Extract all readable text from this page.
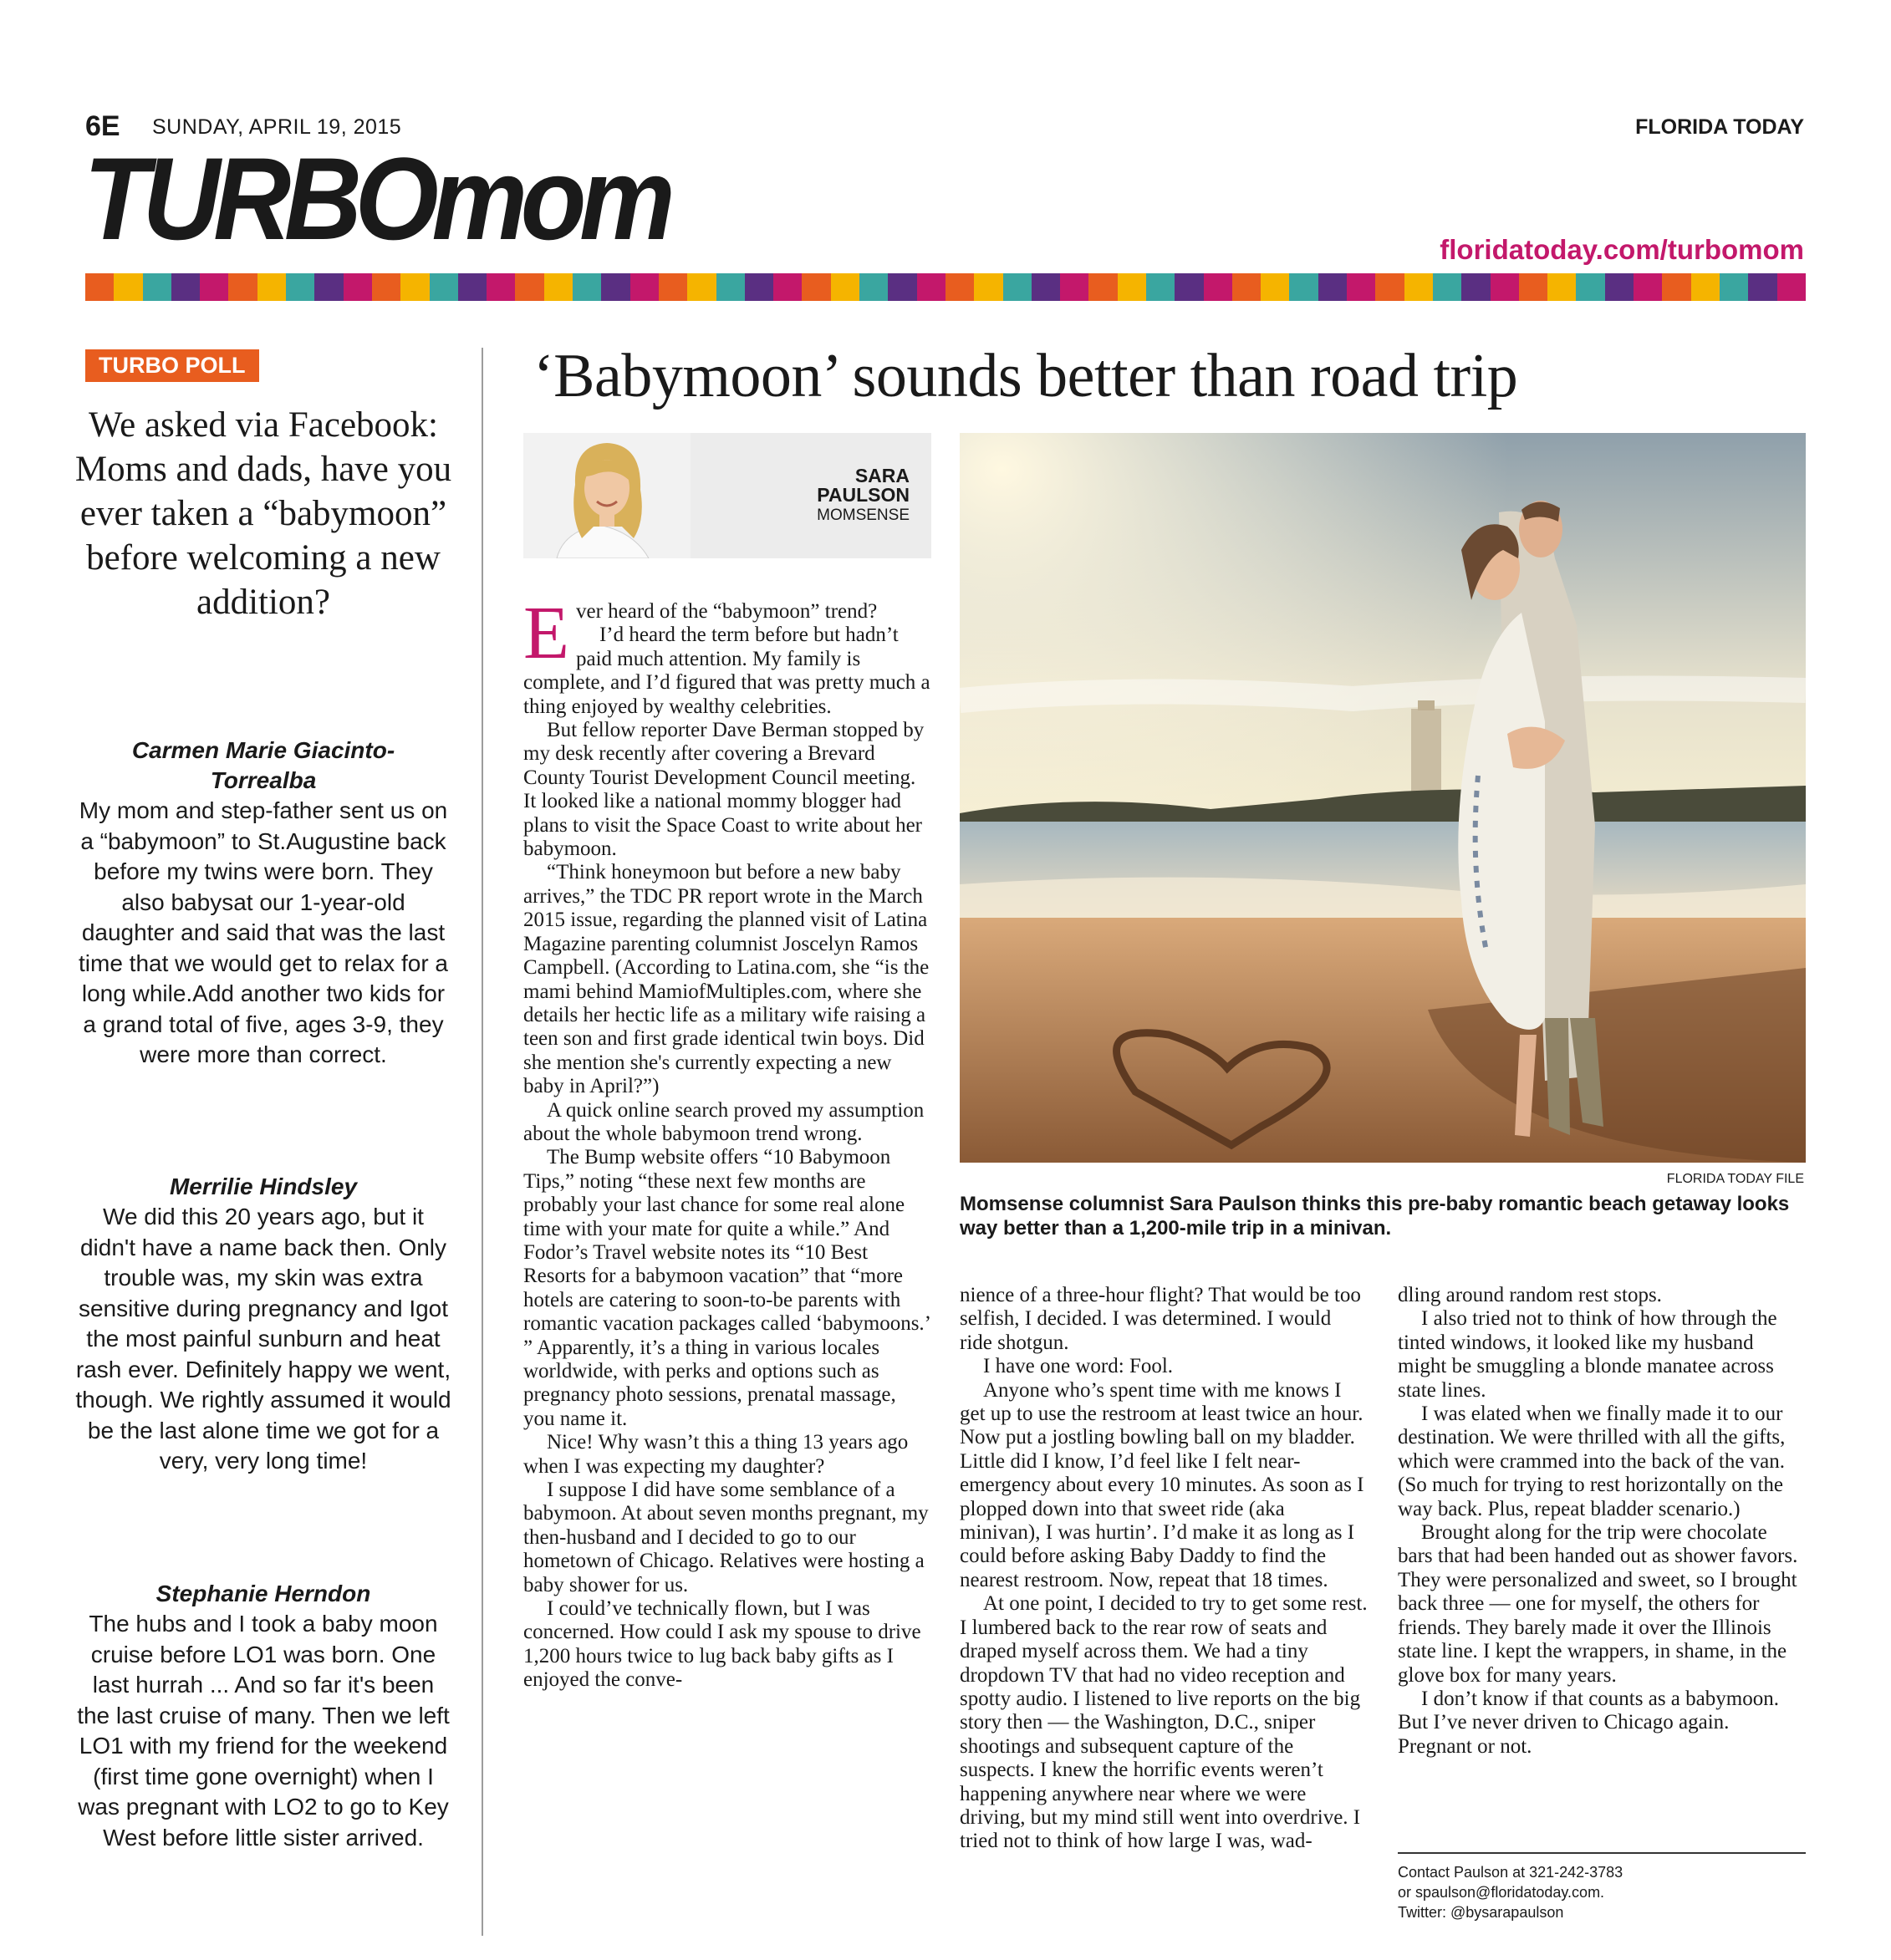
6E SUNDAY, APRIL 19, 2015	FLORIDA TODAY
TURBOmom	floridatoday.com/turbomom
TURBO POLL
We asked via Facebook: Moms and dads, have you ever taken a “babymoon” before welcoming a new addition?
Carmen Marie Giacinto-Torrealba
My mom and step-father sent us on a “babymoon” to St.Augustine back before my twins were born. They also babysat our 1-year-old daughter and said that was the last time that we would get to relax for a long while.Add another two kids for a grand total of five, ages 3-9, they were more than correct.
Merrilie Hindsley
We did this 20 years ago, but it didn't have a name back then. Only trouble was, my skin was extra sensitive during pregnancy and Igot the most painful sunburn and heat rash ever. Definitely happy we went, though. We rightly assumed it would be the last alone time we got for a very, very long time!
Stephanie Herndon
The hubs and I took a baby moon cruise before LO1 was born. One last hurrah ... And so far it's been the last cruise of many. Then we left LO1 with my friend for the weekend (first time gone overnight) when I was pregnant with LO2 to go to Key West before little sister arrived.
‘Babymoon’ sounds better than road trip
SARA
PAULSON
MOMSENSE
FLORIDA TODAY FILE
Momsense columnist Sara Paulson thinks this pre-baby romantic beach getaway looks way better than a 1,200-mile trip in a minivan.
E ver heard of the “babymoon” trend?

I’d heard the term before but hadn’t paid much attention. My family is complete, and I’d figured that was pretty much a thing enjoyed by wealthy celebrities.

But fellow reporter Dave Berman stopped by my desk recently after covering a Brevard County Tourist Development Council meeting. It looked like a national mommy blogger had plans to visit the Space Coast to write about her babymoon.

“Think honeymoon but before a new baby arrives,” the TDC PR report wrote in the March 2015 issue, regarding the planned visit of Latina Magazine parenting columnist Joscelyn Ramos Campbell. (According to Latina.com, she “is the mami behind MamiofMultiples.com, where she details her hectic life as a military wife raising a teen son and first grade identical twin boys. Did she mention she's currently expecting a new baby in April?”)

A quick online search proved my assumption about the whole babymoon trend wrong.

The Bump website offers “10 Babymoon Tips,” noting “these next few months are probably your last chance for some real alone time with your mate for quite a while.” And Fodor’s Travel website notes its “10 Best Resorts for a babymoon vacation” that “more hotels are catering to soon-to-be parents with romantic vacation packages called ‘babymoons.’ ” Apparently, it’s a thing in various locales worldwide, with perks and options such as pregnancy photo sessions, prenatal massage, you name it.

Nice! Why wasn’t this a thing 13 years ago when I was expecting my daughter?

I suppose I did have some semblance of a babymoon. At about seven months pregnant, my then-husband and I decided to go to our hometown of Chicago. Relatives were hosting a baby shower for us.

I could’ve technically flown, but I was concerned. How could I ask my spouse to drive 1,200 hours twice to lug back baby gifts as I enjoyed the conve-

nience of a three-hour flight? That would be too selfish, I decided. I was determined. I would ride shotgun.

I have one word: Fool.

Anyone who’s spent time with me knows I get up to use the restroom at least twice an hour. Now put a jostling bowling ball on my bladder. Little did I know, I’d feel like I felt near-emergency about every 10 minutes. As soon as I plopped down into that sweet ride (aka minivan), I was hurtin’. I’d make it as long as I could before asking Baby Daddy to find the nearest restroom. Now, repeat that 18 times.

At one point, I decided to try to get some rest. I lumbered back to the rear row of seats and draped myself across them. We had a tiny dropdown TV that had no video reception and spotty audio. I listened to live reports on the big story then — the Washington, D.C., sniper shootings and subsequent capture of the suspects. I knew the horrific events weren’t happening anywhere near where we were driving, but my mind still went into overdrive. I tried not to think of how large I was, wad-

dling around random rest stops.

I also tried not to think of how through the tinted windows, it looked like my husband might be smuggling a blonde manatee across state lines.

I was elated when we finally made it to our destination. We were thrilled with all the gifts, which were crammed into the back of the van. (So much for trying to rest horizontally on the way back. Plus, repeat bladder scenario.)

Brought along for the trip were chocolate bars that had been handed out as shower favors. They were personalized and sweet, so I brought back three — one for myself, the others for friends. They barely made it over the Illinois state line. I kept the wrappers, in shame, in the glove box for many years.

I don’t know if that counts as a babymoon. But I’ve never driven to Chicago again. Pregnant or not.

Contact Paulson at 321-242-3783
or spaulson@floridatoday.com.
Twitter: @bysarapaulson
